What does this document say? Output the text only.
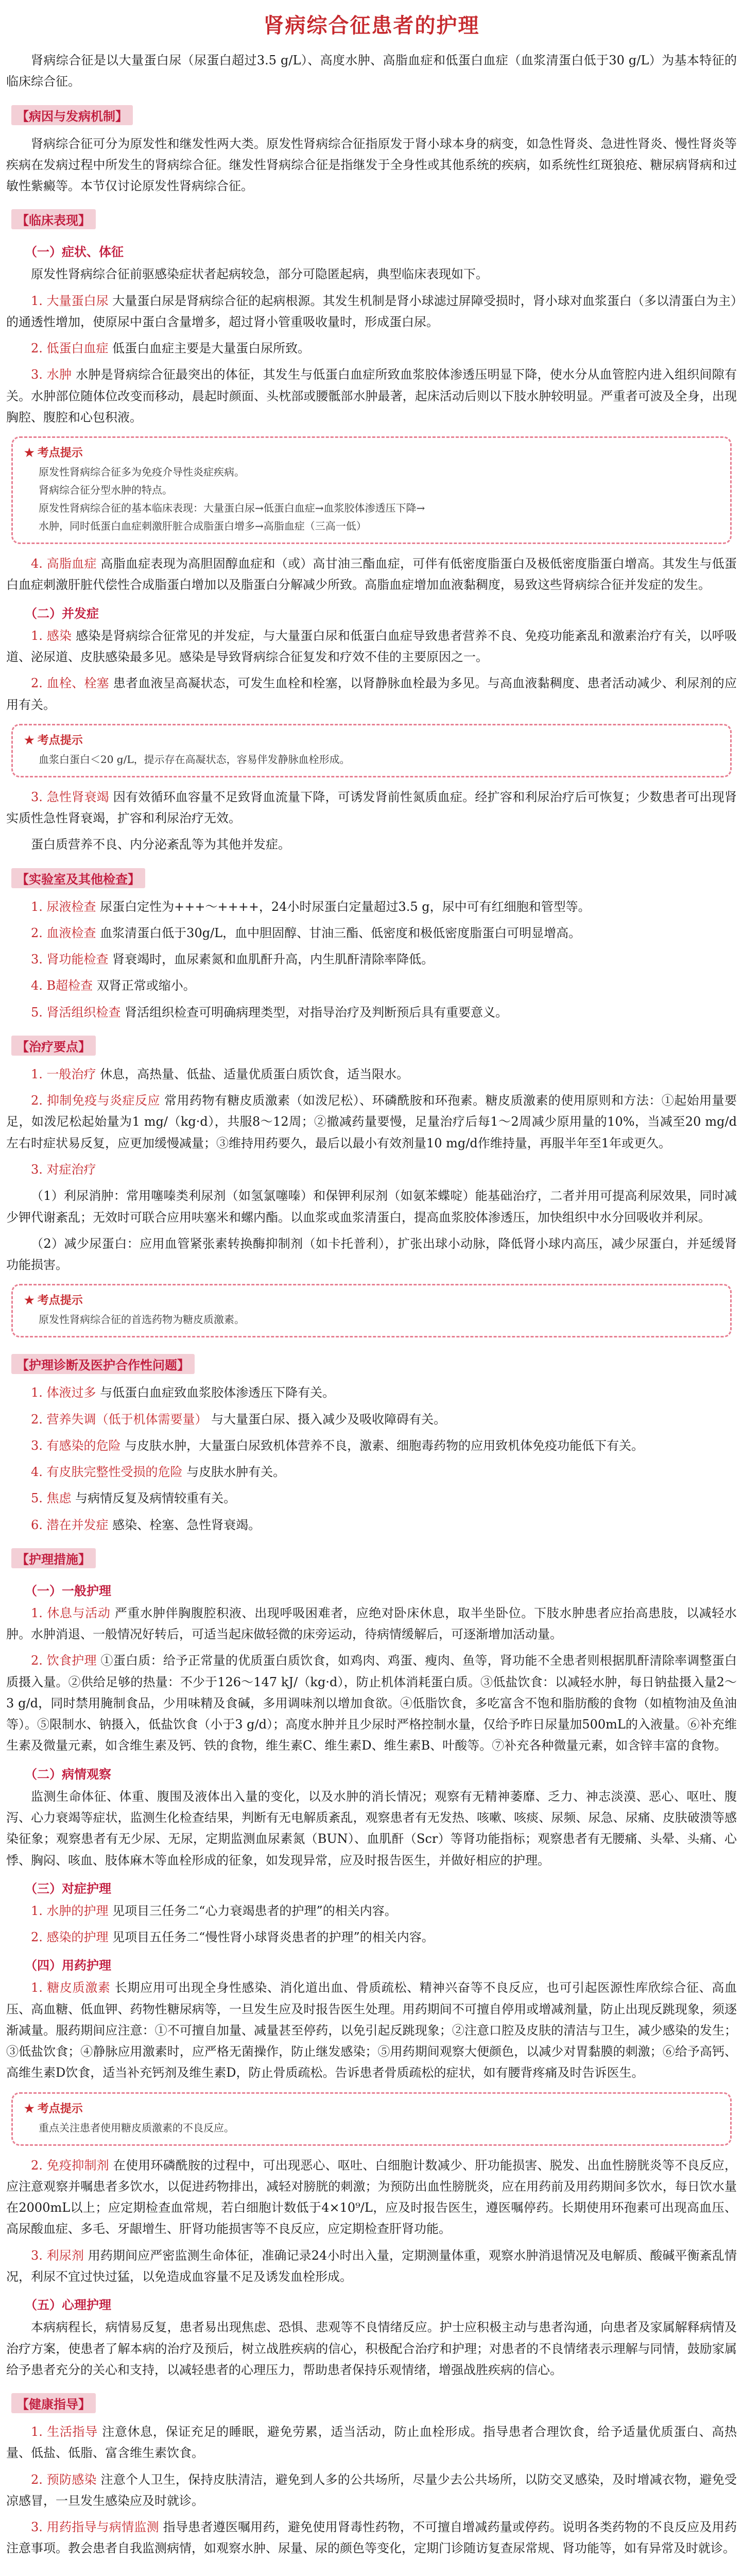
肾病综合征患者的护理

肾病综合征是以大量蛋白尿（尿蛋白超过3.5 g/L）、高度水肿、高脂血症和低蛋白血症（血浆清蛋白低于30 g/L）为基本特征的临床综合征。

【病因与发病机制】

肾病综合征可分为原发性和继发性两大类。原发性肾病综合征指原发于肾小球本身的病变，如急性肾炎、急进性肾炎、慢性肾炎等疾病在发病过程中所发生的肾病综合征。继发性肾病综合征是指继发于全身性或其他系统的疾病，如系统性红斑狼疮、糖尿病肾病和过敏性紫癜等。本节仅讨论原发性肾病综合征。

【临床表现】
（一）症状、体征

原发性肾病综合征前驱感染症状者起病较急，部分可隐匿起病，典型临床表现如下。

1. 大量蛋白尿 大量蛋白尿是肾病综合征的起病根源。其发生机制是肾小球滤过屏障受损时，肾小球对血浆蛋白（多以清蛋白为主）的通透性增加，使原尿中蛋白含量增多，超过肾小管重吸收量时，形成蛋白尿。

2. 低蛋白血症 低蛋白血症主要是大量蛋白尿所致。

3. 水肿 水肿是肾病综合征最突出的体征，其发生与低蛋白血症所致血浆胶体渗透压明显下降，使水分从血管腔内进入组织间隙有关。水肿部位随体位改变而移动，晨起时颜面、头枕部或腰骶部水肿最著，起床活动后则以下肢水肿较明显。严重者可波及全身，出现胸腔、腹腔和心包积液。

★ 考点提示
原发性肾病综合征多为免疫介导性炎症疾病。
肾病综合征分型水肿的特点。
原发性肾病综合征的基本临床表现：大量蛋白尿→低蛋白血症→血浆胶体渗透压下降→
水肿，同时低蛋白血症刺激肝脏合成脂蛋白增多→高脂血症（三高一低）

4. 高脂血症 高脂血症表现为高胆固醇血症和（或）高甘油三酯血症，可伴有低密度脂蛋白及极低密度脂蛋白增高。其发生与低蛋白血症刺激肝脏代偿性合成脂蛋白增加以及脂蛋白分解减少所致。高脂血症增加血液黏稠度，易致这些肾病综合征并发症的发生。

（二）并发症

1. 感染 感染是肾病综合征常见的并发症，与大量蛋白尿和低蛋白血症导致患者营养不良、免疫功能紊乱和激素治疗有关，以呼吸道、泌尿道、皮肤感染最多见。感染是导致肾病综合征复发和疗效不佳的主要原因之一。

2. 血栓、栓塞 患者血液呈高凝状态，可发生血栓和栓塞，以肾静脉血栓最为多见。与高血液黏稠度、患者活动减少、利尿剂的应用有关。

★ 考点提示
血浆白蛋白＜20 g/L，提示存在高凝状态，容易伴发静脉血栓形成。

3. 急性肾衰竭 因有效循环血容量不足致肾血流量下降，可诱发肾前性氮质血症。经扩容和利尿治疗后可恢复；少数患者可出现肾实质性急性肾衰竭，扩容和利尿治疗无效。

蛋白质营养不良、内分泌紊乱等为其他并发症。

【实验室及其他检查】

1. 尿液检查 尿蛋白定性为+++～++++，24小时尿蛋白定量超过3.5 g，尿中可有红细胞和管型等。

2. 血液检查 血浆清蛋白低于30g/L，血中胆固醇、甘油三酯、低密度和极低密度脂蛋白可明显增高。

3. 肾功能检查 肾衰竭时，血尿素氮和血肌酐升高，内生肌酐清除率降低。

4. B超检查 双肾正常或缩小。

5. 肾活组织检查 肾活组织检查可明确病理类型，对指导治疗及判断预后具有重要意义。

【治疗要点】

1. 一般治疗 休息，高热量、低盐、适量优质蛋白质饮食，适当限水。

2. 抑制免疫与炎症反应 常用药物有糖皮质激素（如泼尼松）、环磷酰胺和环孢素。糖皮质激素的使用原则和方法：①起始用量要足，如泼尼松起始量为1 mg/（kg·d），共服8～12周；②撤减药量要慢，足量治疗后每1～2周减少原用量的10%，当减至20 mg/d左右时症状易反复，应更加缓慢减量；③维持用药要久，最后以最小有效剂量10 mg/d作维持量，再服半年至1年或更久。

3. 对症治疗

（1）利尿消肿：常用噻嗪类利尿剂（如氢氯噻嗪）和保钾利尿剂（如氨苯蝶啶）能基础治疗，二者并用可提高利尿效果，同时减少钾代谢紊乱；无效时可联合应用呋塞米和螺内酯。以血浆或血浆清蛋白，提高血浆胶体渗透压，加快组织中水分回吸收并利尿。

（2）减少尿蛋白：应用血管紧张素转换酶抑制剂（如卡托普利），扩张出球小动脉，降低肾小球内高压，减少尿蛋白，并延缓肾功能损害。

★ 考点提示
原发性肾病综合征的首选药物为糖皮质激素。
【护理诊断及医护合作性问题】

1. 体液过多 与低蛋白血症致血浆胶体渗透压下降有关。

2. 营养失调（低于机体需要量） 与大量蛋白尿、摄入减少及吸收障碍有关。

3. 有感染的危险 与皮肤水肿，大量蛋白尿致机体营养不良，激素、细胞毒药物的应用致机体免疫功能低下有关。

4. 有皮肤完整性受损的危险 与皮肤水肿有关。

5. 焦虑 与病情反复及病情较重有关。

6. 潜在并发症 感染、栓塞、急性肾衰竭。

【护理措施】
（一）一般护理

1. 休息与活动 严重水肿伴胸腹腔积液、出现呼吸困难者，应绝对卧床休息，取半坐卧位。下肢水肿患者应抬高患肢，以减轻水肿。水肿消退、一般情况好转后，可适当起床做轻微的床旁运动，待病情缓解后，可逐渐增加活动量。

2. 饮食护理 ①蛋白质：给予正常量的优质蛋白质饮食，如鸡肉、鸡蛋、瘦肉、鱼等，肾功能不全患者则根据肌酐清除率调整蛋白质摄入量。②供给足够的热量：不少于126～147 kJ/（kg·d），防止机体消耗蛋白质。③低盐饮食：以减轻水肿，每日钠盐摄入量2～3 g/d，同时禁用腌制食品，少用味精及食碱，多用调味剂以增加食欲。④低脂饮食，多吃富含不饱和脂肪酸的食物（如植物油及鱼油等）。⑤限制水、钠摄入，低盐饮食（小于3 g/d）；高度水肿并且少尿时严格控制水量，仅给予昨日尿量加500mL的入液量。⑥补充维生素及微量元素，如含维生素及钙、铁的食物，维生素C、维生素D、维生素B、叶酸等。⑦补充各种微量元素，如含锌丰富的食物。

（二）病情观察

监测生命体征、体重、腹围及液体出入量的变化，以及水肿的消长情况；观察有无精神萎靡、乏力、神志淡漠、恶心、呕吐、腹泻、心力衰竭等症状，监测生化检查结果，判断有无电解质紊乱，观察患者有无发热、咳嗽、咳痰、尿频、尿急、尿痛、皮肤破溃等感染征象；观察患者有无少尿、无尿，定期监测血尿素氮（BUN）、血肌酐（Scr）等肾功能指标；观察患者有无腰痛、头晕、头痛、心悸、胸闷、咳血、肢体麻木等血栓形成的征象，如发现异常，应及时报告医生，并做好相应的护理。

（三）对症护理

1. 水肿的护理 见项目三任务二“心力衰竭患者的护理”的相关内容。

2. 感染的护理 见项目五任务二“慢性肾小球肾炎患者的护理”的相关内容。

（四）用药护理

1. 糖皮质激素 长期应用可出现全身性感染、消化道出血、骨质疏松、精神兴奋等不良反应，也可引起医源性库欣综合征、高血压、高血糖、低血钾、药物性糖尿病等，一旦发生应及时报告医生处理。用药期间不可擅自停用或增减剂量，防止出现反跳现象，须逐渐减量。服药期间应注意：①不可擅自加量、减量甚至停药，以免引起反跳现象；②注意口腔及皮肤的清洁与卫生，减少感染的发生；③低盐饮食；④静脉应用激素时，应严格无菌操作，防止继发感染；⑤用药期间观察大便颜色，以减少对胃黏膜的刺激；⑥给予高钙、高维生素D饮食，适当补充钙剂及维生素D，防止骨质疏松。告诉患者骨质疏松的症状，如有腰背疼痛及时告诉医生。

★ 考点提示
重点关注患者使用糖皮质激素的不良反应。

2. 免疫抑制剂 在使用环磷酰胺的过程中，可出现恶心、呕吐、白细胞计数减少、肝功能损害、脱发、出血性膀胱炎等不良反应，应注意观察并嘱患者多饮水，以促进药物排出，减轻对膀胱的刺激；为预防出血性膀胱炎，应在用药前及用药期间多饮水，每日饮水量在2000mL以上；应定期检查血常规，若白细胞计数低于4×10⁹/L，应及时报告医生，遵医嘱停药。长期使用环孢素可出现高血压、高尿酸血症、多毛、牙龈增生、肝肾功能损害等不良反应，应定期检查肝肾功能。

3. 利尿剂 用药期间应严密监测生命体征，准确记录24小时出入量，定期测量体重，观察水肿消退情况及电解质、酸碱平衡紊乱情况，利尿不宜过快过猛，以免造成血容量不足及诱发血栓形成。

（五）心理护理

本病病程长，病情易反复，患者易出现焦虑、恐惧、悲观等不良情绪反应。护士应积极主动与患者沟通，向患者及家属解释病情及治疗方案，使患者了解本病的治疗及预后，树立战胜疾病的信心，积极配合治疗和护理；对患者的不良情绪表示理解与同情，鼓励家属给予患者充分的关心和支持，以减轻患者的心理压力，帮助患者保持乐观情绪，增强战胜疾病的信心。

【健康指导】

1. 生活指导 注意休息，保证充足的睡眠，避免劳累，适当活动，防止血栓形成。指导患者合理饮食，给予适量优质蛋白、高热量、低盐、低脂、富含维生素饮食。

2. 预防感染 注意个人卫生，保持皮肤清洁，避免到人多的公共场所，尽量少去公共场所，以防交叉感染，及时增减衣物，避免受凉感冒，一旦发生感染应及时就诊。

3. 用药指导与病情监测 指导患者遵医嘱用药，避免使用肾毒性药物，不可擅自增减药量或停药。说明各类药物的不良反应及用药注意事项。教会患者自我监测病情，如观察水肿、尿量、尿的颜色等变化，定期门诊随访复查尿常规、肾功能等，如有异常及时就诊。
